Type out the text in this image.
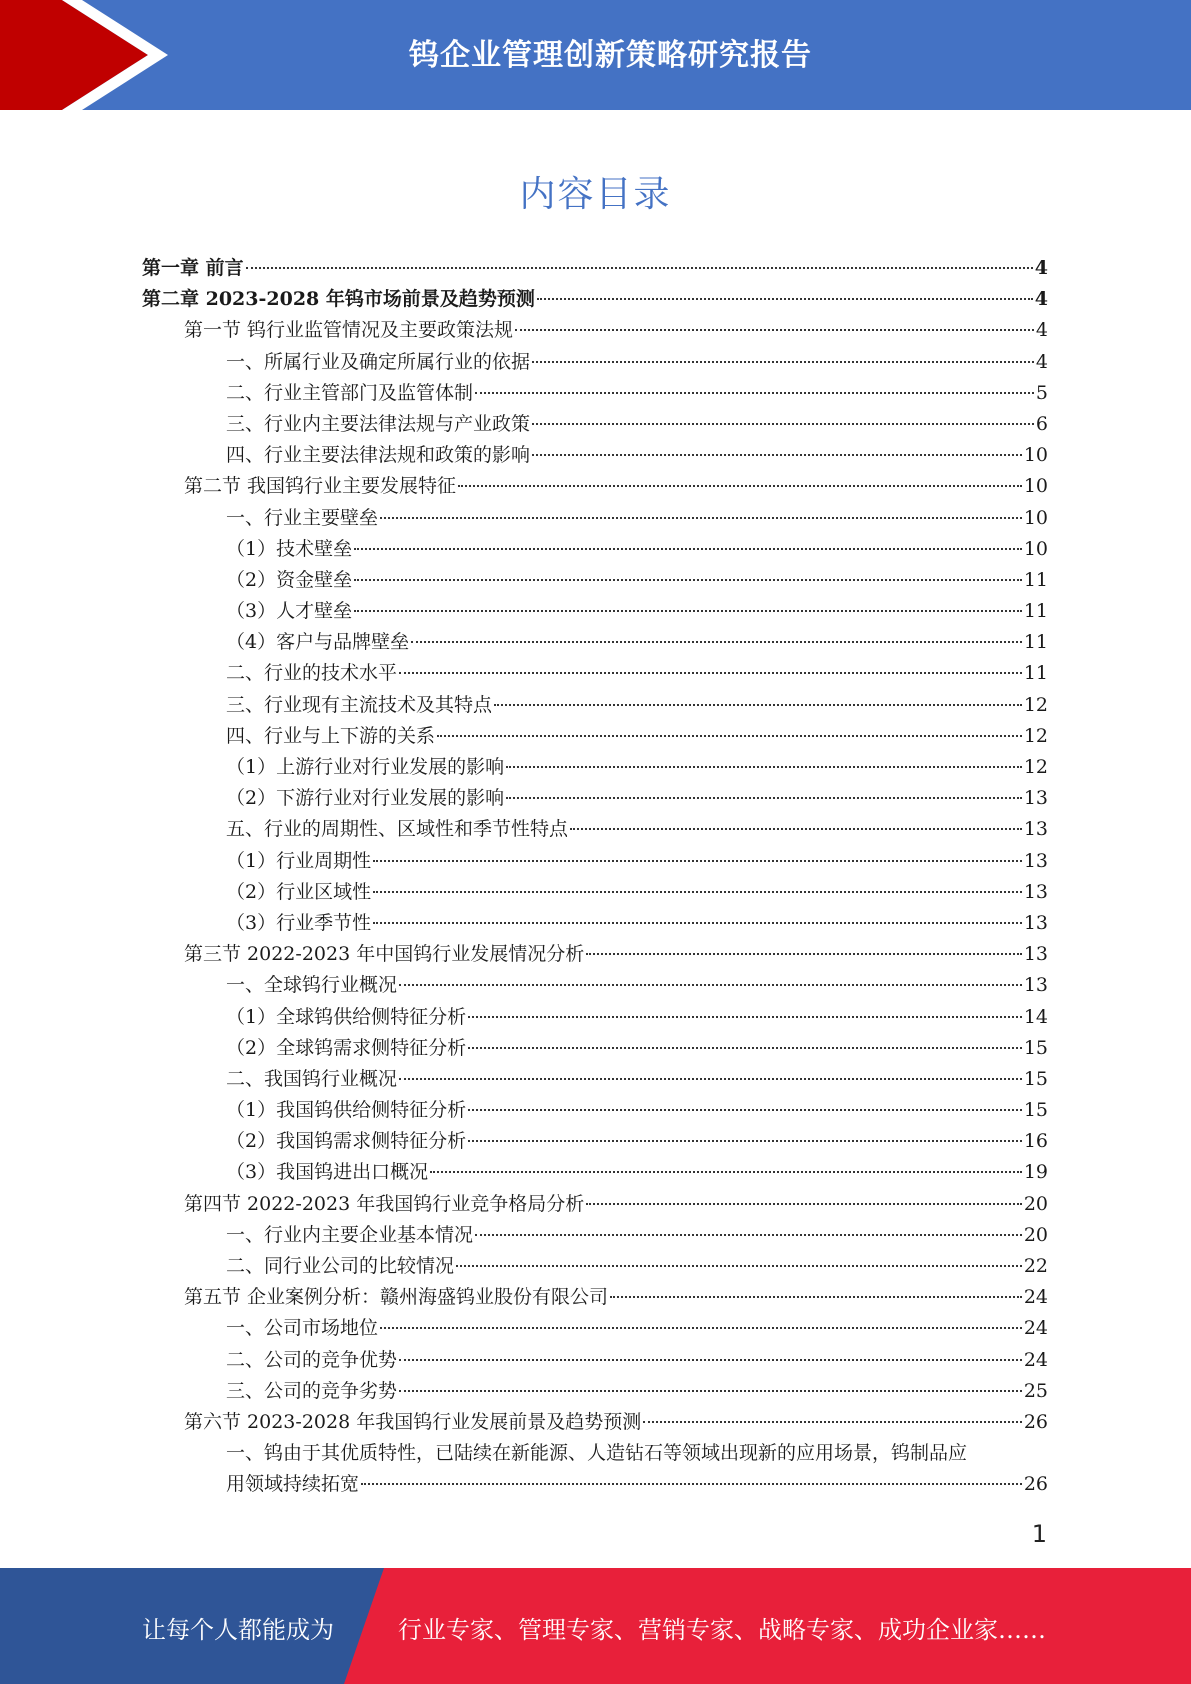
钨企业管理创新策略研究报告
内容目录
第一章 前言	4
第二章 2023-2028 年钨市场前景及趋势预测	4
第一节 钨行业监管情况及主要政策法规	4
一、所属行业及确定所属行业的依据	4
二、行业主管部门及监管体制	5
三、行业内主要法律法规与产业政策	6
四、行业主要法律法规和政策的影响	10
第二节 我国钨行业主要发展特征	10
一、行业主要壁垒	10
（1）技术壁垒	10
（2）资金壁垒	11
（3）人才壁垒	11
（4）客户与品牌壁垒	11
二、行业的技术水平	11
三、行业现有主流技术及其特点	12
四、行业与上下游的关系	12
（1）上游行业对行业发展的影响	12
（2）下游行业对行业发展的影响	13
五、行业的周期性、区域性和季节性特点	13
（1）行业周期性	13
（2）行业区域性	13
（3）行业季节性	13
第三节 2022-2023 年中国钨行业发展情况分析	13
一、全球钨行业概况	13
（1）全球钨供给侧特征分析	14
（2）全球钨需求侧特征分析	15
二、我国钨行业概况	15
（1）我国钨供给侧特征分析	15
（2）我国钨需求侧特征分析	16
（3）我国钨进出口概况	19
第四节 2022-2023 年我国钨行业竞争格局分析	20
一、行业内主要企业基本情况	20
二、同行业公司的比较情况	22
第五节 企业案例分析：赣州海盛钨业股份有限公司	24
一、公司市场地位	24
二、公司的竞争优势	24
三、公司的竞争劣势	25
第六节 2023-2028 年我国钨行业发展前景及趋势预测	26
一、钨由于其优质特性，已陆续在新能源、人造钻石等领域出现新的应用场景，钨制品应
用领域持续拓宽	26
1
让每个人都能成为	行业专家、管理专家、营销专家、战略专家、成功企业家……
